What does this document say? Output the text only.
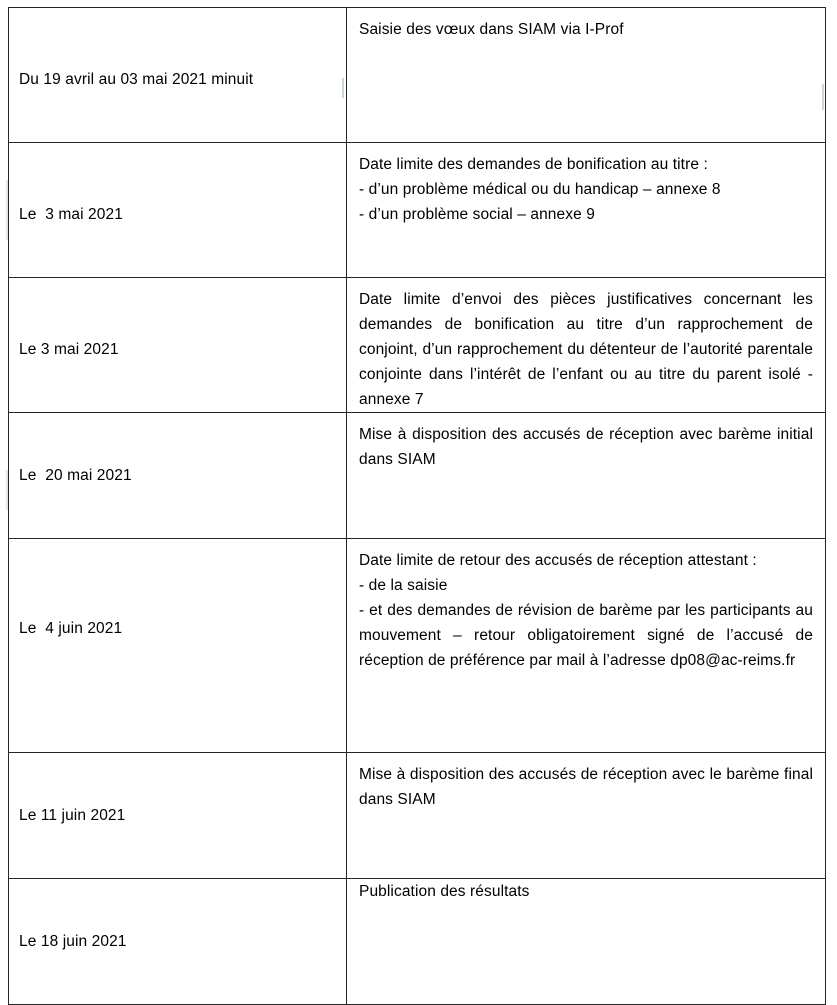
Du 19 avril au 03 mai 2021 minuit	Saisie des vœux dans SIAM via I-Prof

Le  3 mai 2021	Date limite des demandes de bonification au titre :

- d’un problème médical ou du handicap – annexe 8

- d’un problème social – annexe 9

Le 3 mai 2021	Date limite d’envoi des pièces justificatives concernant les demandes de bonification au titre d’un rapprochement de conjoint, d’un rapprochement du détenteur de l’autorité parentale conjointe dans l’intérêt de l’enfant ou au titre du parent isolé - annexe 7

Le  20 mai 2021	Mise à disposition des accusés de réception avec barème initial dans SIAM

Le  4 juin 2021	Date limite de retour des accusés de réception attestant :

- de la saisie

- et des demandes de révision de barème par les participants au mouvement – retour obligatoirement signé de l’accusé de réception de préférence par mail à l’adresse dp08@ac-reims.fr

Le 11 juin 2021	Mise à disposition des accusés de réception avec le barème final dans SIAM

Le 18 juin 2021	Publication des résultats
